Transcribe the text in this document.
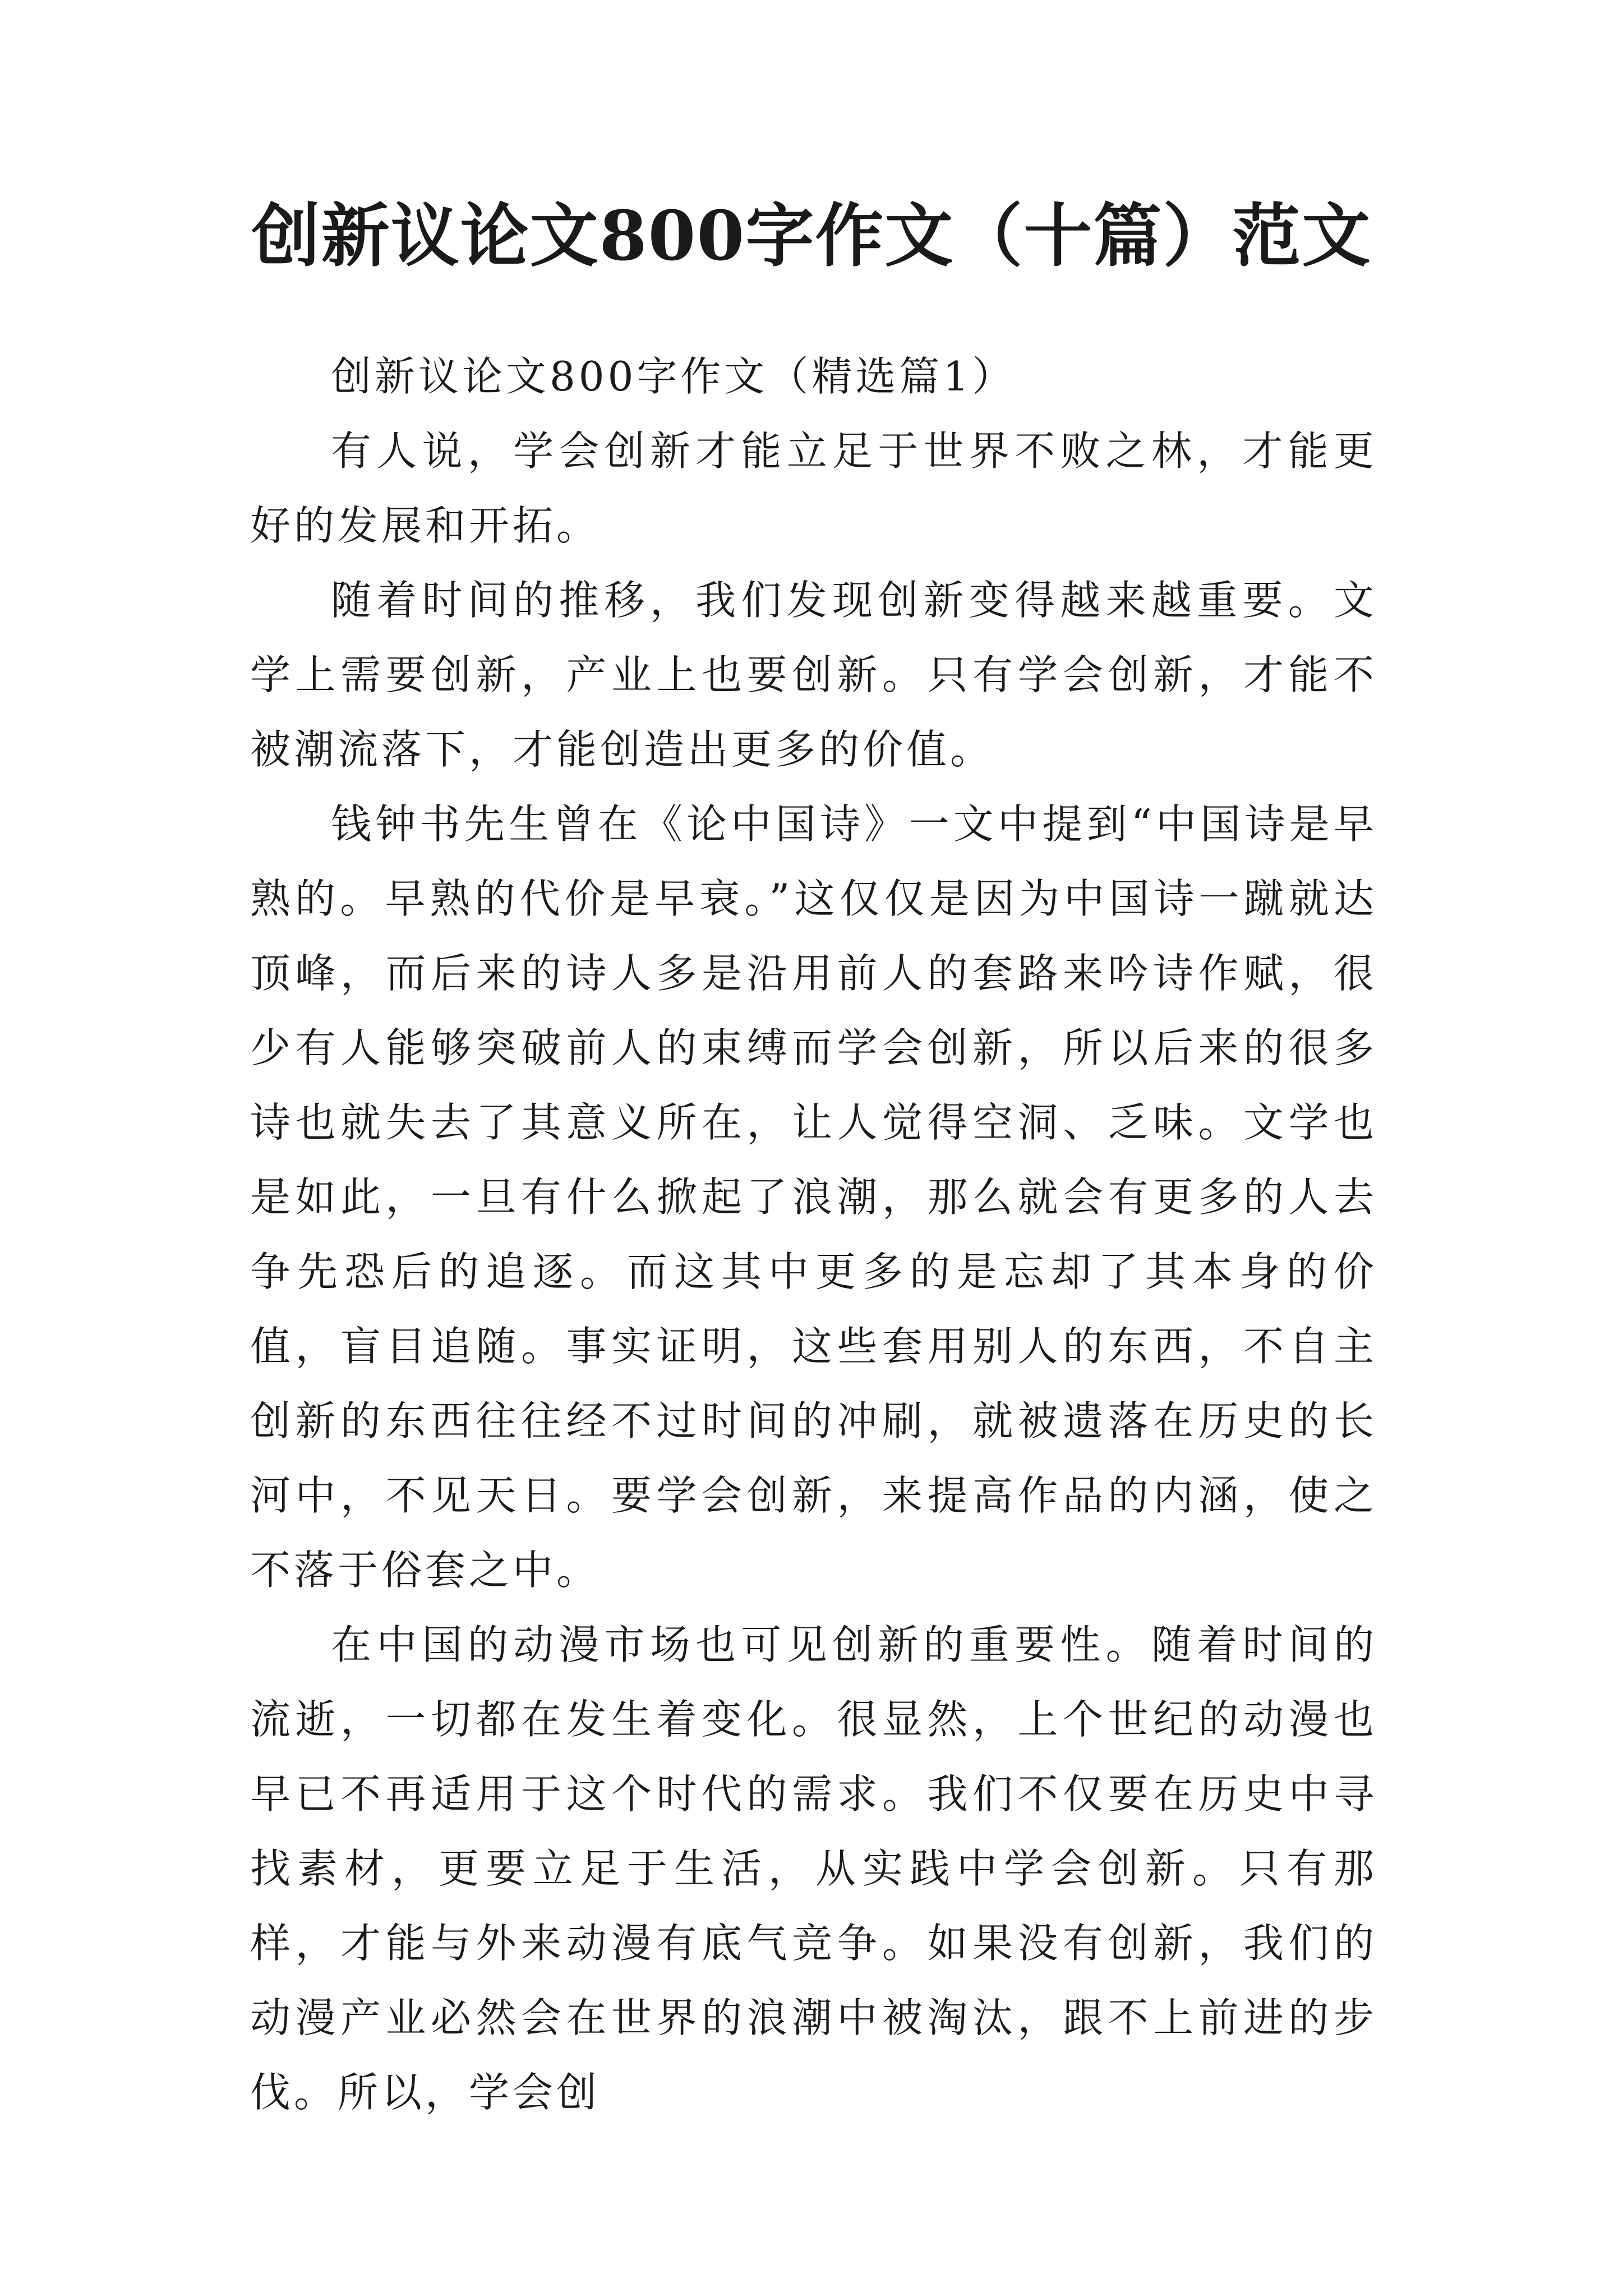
创新议论文800字作文（十篇）范文

创新议论文800字作文（精选篇1）

有人说，学会创新才能立足于世界不败之林，才能更好的发展和开拓。

随着时间的推移，我们发现创新变得越来越重要。文学上需要创新，产业上也要创新。只有学会创新，才能不被潮流落下，才能创造出更多的价值。

钱钟书先生曾在《论中国诗》一文中提到“中国诗是早熟的。早熟的代价是早衰。”这仅仅是因为中国诗一蹴就达顶峰，而后来的诗人多是沿用前人的套路来吟诗作赋，很少有人能够突破前人的束缚而学会创新，所以后来的很多诗也就失去了其意义所在，让人觉得空洞、乏味。文学也是如此，一旦有什么掀起了浪潮，那么就会有更多的人去争先恐后的追逐。而这其中更多的是忘却了其本身的价值，盲目追随。事实证明，这些套用别人的东西，不自主创新的东西往往经不过时间的冲刷，就被遗落在历史的长河中，不见天日。要学会创新，来提高作品的内涵，使之不落于俗套之中。

在中国的动漫市场也可见创新的重要性。随着时间的流逝，一切都在发生着变化。很显然，上个世纪的动漫也早已不再适用于这个时代的需求。我们不仅要在历史中寻找素材，更要立足于生活，从实践中学会创新。只有那样，才能与外来动漫有底气竞争。如果没有创新，我们的动漫产业必然会在世界的浪潮中被淘汰，跟不上前进的步伐。所以，学会创
